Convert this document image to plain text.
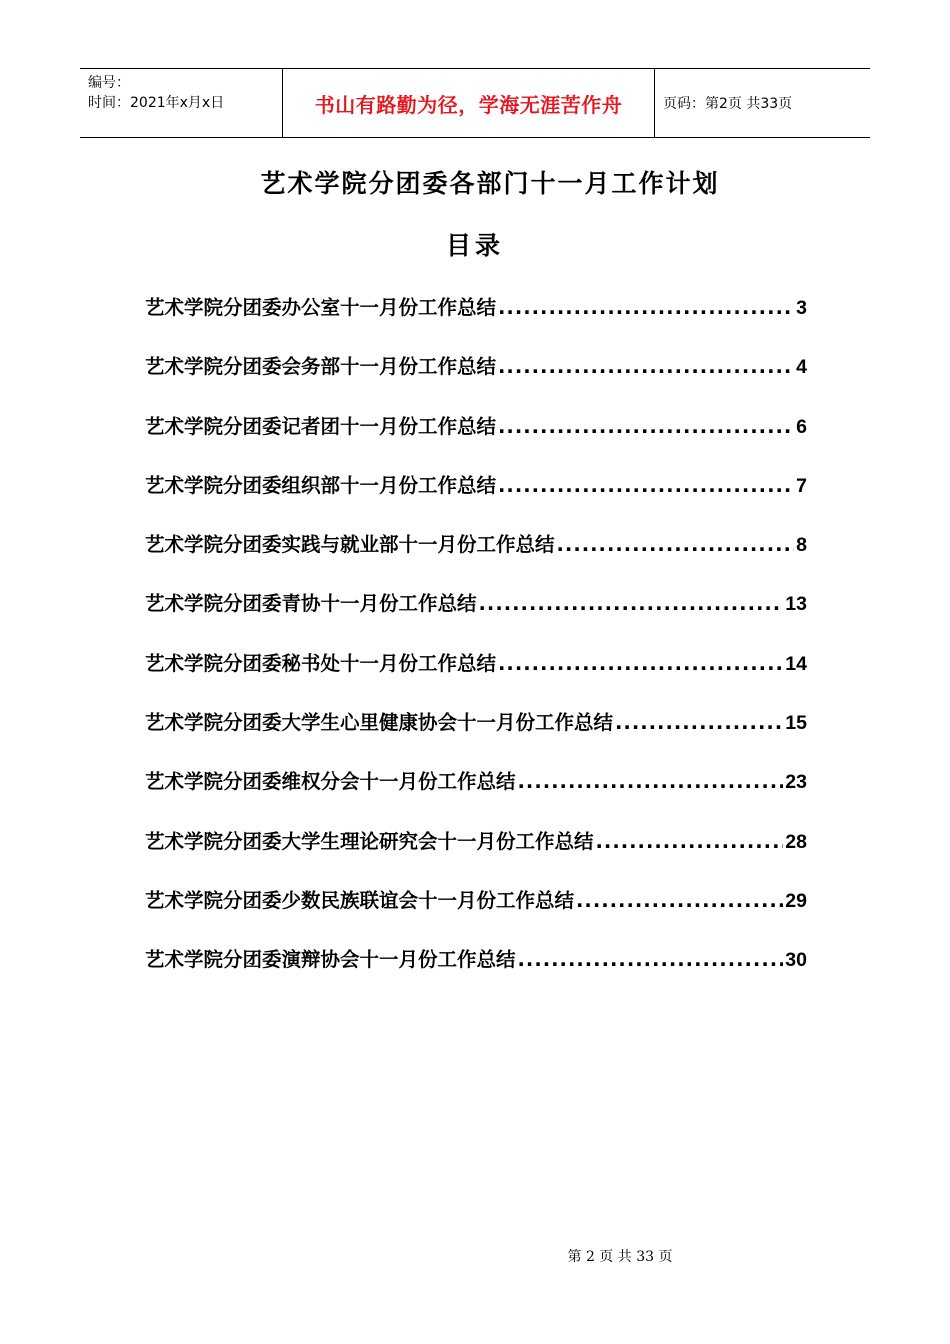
编号：
时间：2021年x月x日	书山有路勤为径，学海无涯苦作舟	页码：第2页 共33页
艺术学院分团委各部门十一月工作计划
目录
艺术学院分团委办公室十一月份工作总结 .....	3
艺术学院分团委会务部十一月份工作总结 .....	4
艺术学院分团委记者团十一月份工作总结 .....	6
艺术学院分团委组织部十一月份工作总结 .....	7
艺术学院分团委实践与就业部十一月份工作总结 .....	8
艺术学院分团委青协十一月份工作总结 .....	13
艺术学院分团委秘书处十一月份工作总结 .....	14
艺术学院分团委大学生心里健康协会十一月份工作总结 .....	15
艺术学院分团委维权分会十一月份工作总结 .....	23
艺术学院分团委大学生理论研究会十一月份工作总结 .....	28
艺术学院分团委少数民族联谊会十一月份工作总结 .....	29
艺术学院分团委演辩协会十一月份工作总结 .....	30
第 2 页 共 33 页
